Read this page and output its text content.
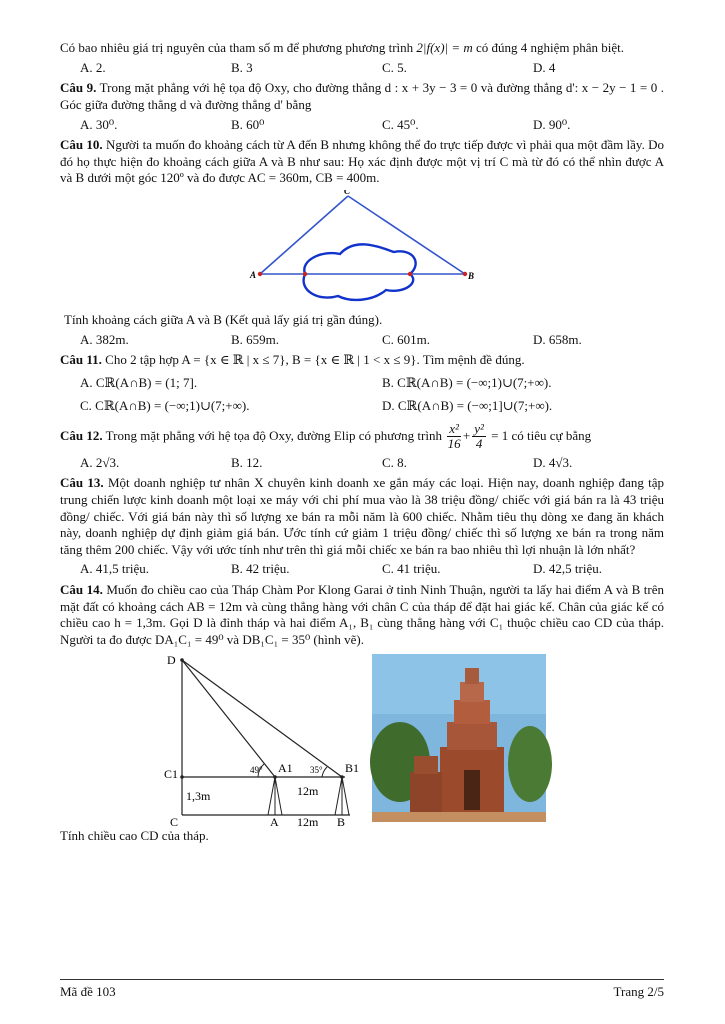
Có bao nhiêu giá trị nguyên của tham số m để phương phương trình 2|f(x)| = m có đúng 4 nghiệm phân biệt.

A. 2.	B. 3	C. 5.	D. 4

Câu 9. Trong mặt phẳng với hệ tọa độ Oxy, cho đường thẳng d : x + 3y − 3 = 0 và đường thẳng d': x − 2y − 1 = 0 . Góc giữa đường thẳng d và đường thẳng d' bằng

A. 30⁰.	B. 60⁰	C. 45⁰.	D. 90⁰.

Câu 10. Người ta muốn đo khoảng cách từ A đến B nhưng không thể đo trực tiếp được vì phải qua một đầm lầy. Do đó họ thực hiện đo khoảng cách giữa A và B như sau: Họ xác định được một vị trí C mà từ đó có thể nhìn được A và B dưới một góc 120º và đo được AC = 360m, CB = 400m.

C
A	B

Tính khoảng cách giữa A và B (Kết quả lấy giá trị gần đúng).

A. 382m.	B. 659m.	C. 601m.	D. 658m.

Câu 11. Cho 2 tập hợp A = {x ∈ ℝ | x ≤ 7}, B = {x ∈ ℝ | 1 < x ≤ 9}. Tìm mệnh đề đúng.

A. Cℝ(A∩B) = (1; 7].	B. Cℝ(A∩B) = (−∞;1)∪(7;+∞).
C. Cℝ(A∩B) = (−∞;1)∪(7;+∞).	D. Cℝ(A∩B) = (−∞;1]∪(7;+∞).

Câu 12. Trong mặt phẳng với hệ tọa độ Oxy, đường Elip có phương trình $\frac{\text{x²}}{16} + \frac{\text{y²}}{4} = 1$ có tiêu cự bằng

A. 2√3.	B. 12.	C. 8.	D. 4√3.

Câu 13. Một doanh nghiệp tư nhân X chuyên kinh doanh xe gắn máy các loại. Hiện nay, doanh nghiệp đang tập trung chiến lược kinh doanh một loại xe máy với chi phí mua vào là 38 triệu đồng/ chiếc với giá bán ra là 43 triệu đồng/ chiếc. Với giá bán này thì số lượng xe bán ra mỗi năm là 600 chiếc. Nhằm tiêu thụ dòng xe đang ăn khách này, doanh nghiệp dự định giảm giá bán. Ước tính cứ giảm 1 triệu đồng/ chiếc thì số lượng xe bán ra trong năm tăng thêm 200 chiếc. Vậy với ước tính như trên thì giá mỗi chiếc xe bán ra bao nhiêu thì lợi nhuận là lớn nhất?

A. 41,5 triệu.	B. 42 triệu.	C. 41 triệu.	D. 42,5 triệu.

Câu 14. Muốn đo chiều cao của Tháp Chàm Por Klong Garai ở tỉnh Ninh Thuận, người ta lấy hai điểm A và B trên mặt đất có khoảng cách AB = 12m và cùng thẳng hàng với chân C của tháp để đặt hai giác kế. Chân của giác kế có chiều cao h = 1,3m. Gọi D là đỉnh tháp và hai điểm A₁, B₁ cùng thẳng hàng với C₁ thuộc chiều cao CD của tháp. Người ta đo được DA₁C₁ = 49⁰ và DB₁C₁ = 35⁰ (hình vẽ).

D
C1	A1	B1
C	A	B
1,3m	12m
12m
49°	35°

Tính chiều cao CD của tháp.

Mã đề 103	Trang 2/5
